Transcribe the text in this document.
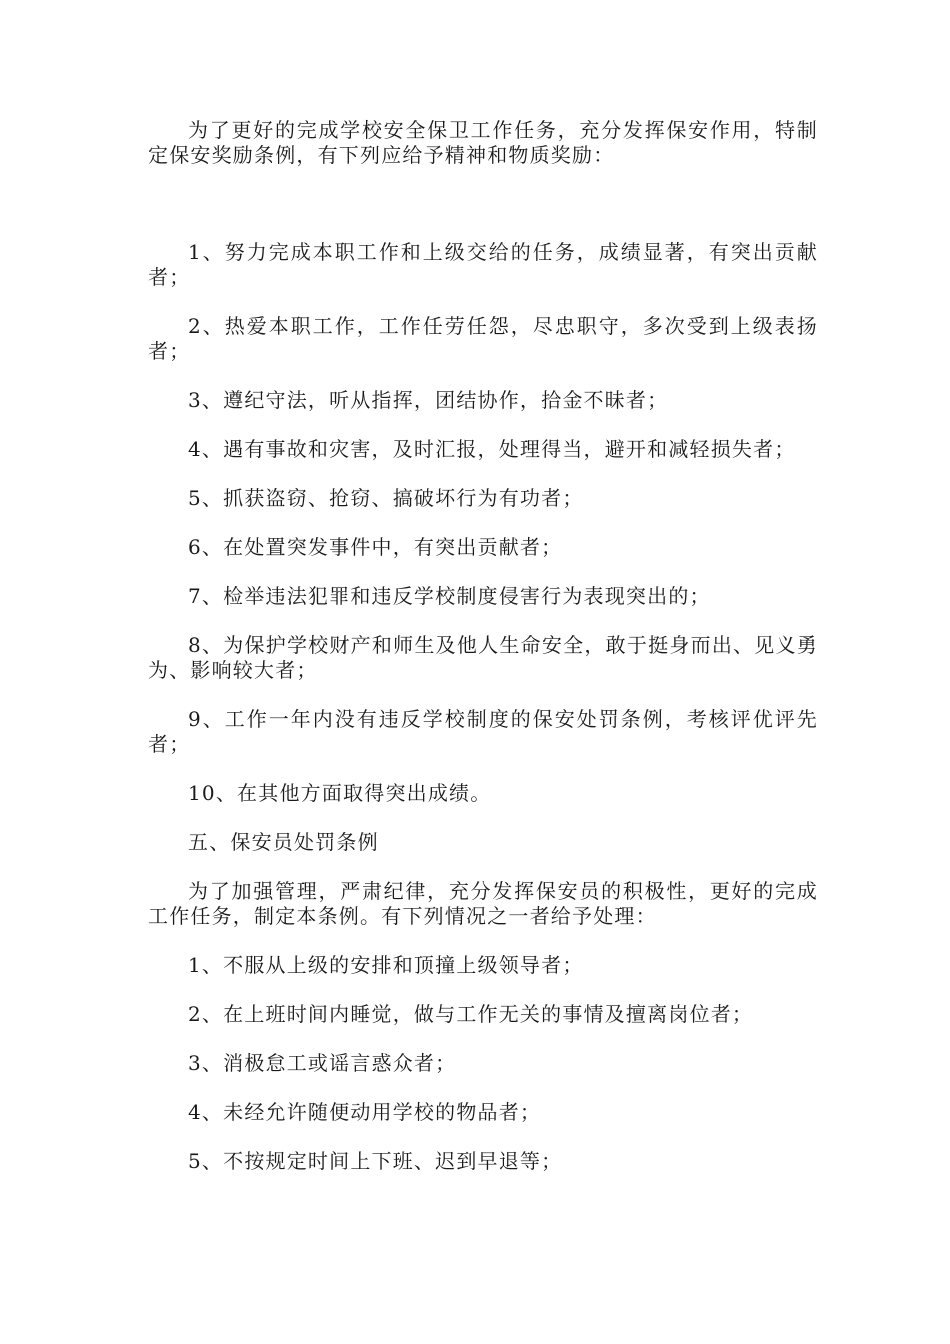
为了更好的完成学校安全保卫工作任务，充分发挥保安作用，特制定保安奖励条例，有下列应给予精神和物质奖励：

1、努力完成本职工作和上级交给的任务，成绩显著，有突出贡献者；

2、热爱本职工作，工作任劳任怨，尽忠职守，多次受到上级表扬者；

3、遵纪守法，听从指挥，团结协作，拾金不昧者；

4、遇有事故和灾害，及时汇报，处理得当，避开和减轻损失者；

5、抓获盗窃、抢窃、搞破坏行为有功者；

6、在处置突发事件中，有突出贡献者；

7、检举违法犯罪和违反学校制度侵害行为表现突出的；

8、为保护学校财产和师生及他人生命安全，敢于挺身而出、见义勇为、影响较大者；

9、工作一年内没有违反学校制度的保安处罚条例，考核评优评先者；

10、在其他方面取得突出成绩。

五、保安员处罚条例

为了加强管理，严肃纪律，充分发挥保安员的积极性，更好的完成工作任务，制定本条例。有下列情况之一者给予处理：

1、不服从上级的安排和顶撞上级领导者；

2、在上班时间内睡觉，做与工作无关的事情及擅离岗位者；

3、消极怠工或谣言惑众者；

4、未经允许随便动用学校的物品者；

5、不按规定时间上下班、迟到早退等；
